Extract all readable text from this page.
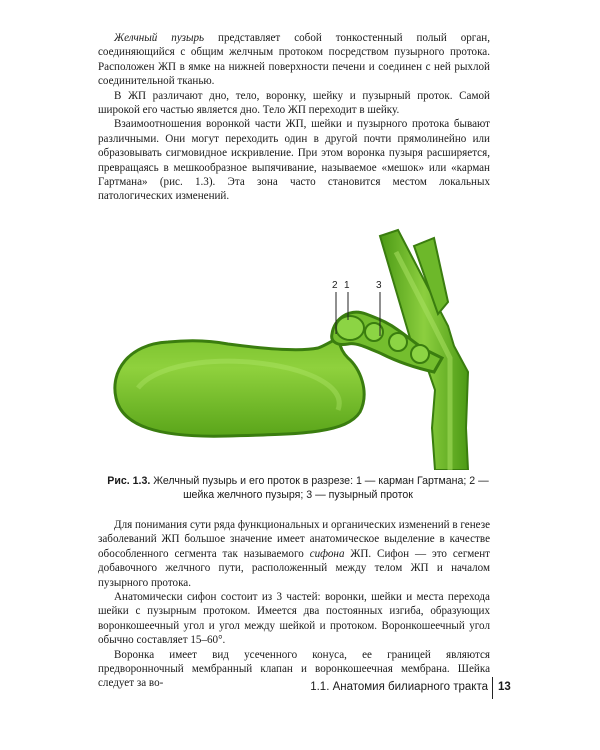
Желчный пузырь представляет собой тонкостенный полый орган, соединяющийся с общим желчным протоком посредством пузырного протока. Расположен ЖП в ямке на нижней поверхности печени и соединен с ней рыхлой соединительной тканью.

В ЖП различают дно, тело, воронку, шейку и пузырный проток. Самой широкой его частью является дно. Тело ЖП переходит в шейку.

Взаимоотношения воронкой части ЖП, шейки и пузырного протока бывают различными. Они могут переходить один в другой почти прямолинейно или образовывать сигмовидное искривление. При этом воронка пузыря расширяется, превращаясь в мешкообразное выпячивание, называемое «мешок» или «карман Гартмана» (рис. 1.3). Эта зона часто становится местом локальных патологических изменений.

2 1	3
Рис. 1.3. Желчный пузырь и его проток в разрезе: 1 — карман Гартмана; 2 — шейка желчного пузыря; 3 — пузырный проток

Для понимания сути ряда функциональных и органических изменений в генезе заболеваний ЖП большое значение имеет анатомическое выделение в качестве обособленного сегмента так называемого сифона ЖП. Сифон — это сегмент добавочного желчного пути, расположенный между телом ЖП и началом пузырного протока.

Анатомически сифон состоит из 3 частей: воронки, шейки и места перехода шейки с пузырным протоком. Имеется два постоянных изгиба, образующих воронкошеечный угол и угол между шейкой и протоком. Воронкошеечный угол обычно составляет 15–60°.

Воронка имеет вид усеченного конуса, ее границей являются предворонночный мембранный клапан и воронкошеечная мембрана. Шейка следует за во-	1.1. Анатомия билиарного тракта 13
